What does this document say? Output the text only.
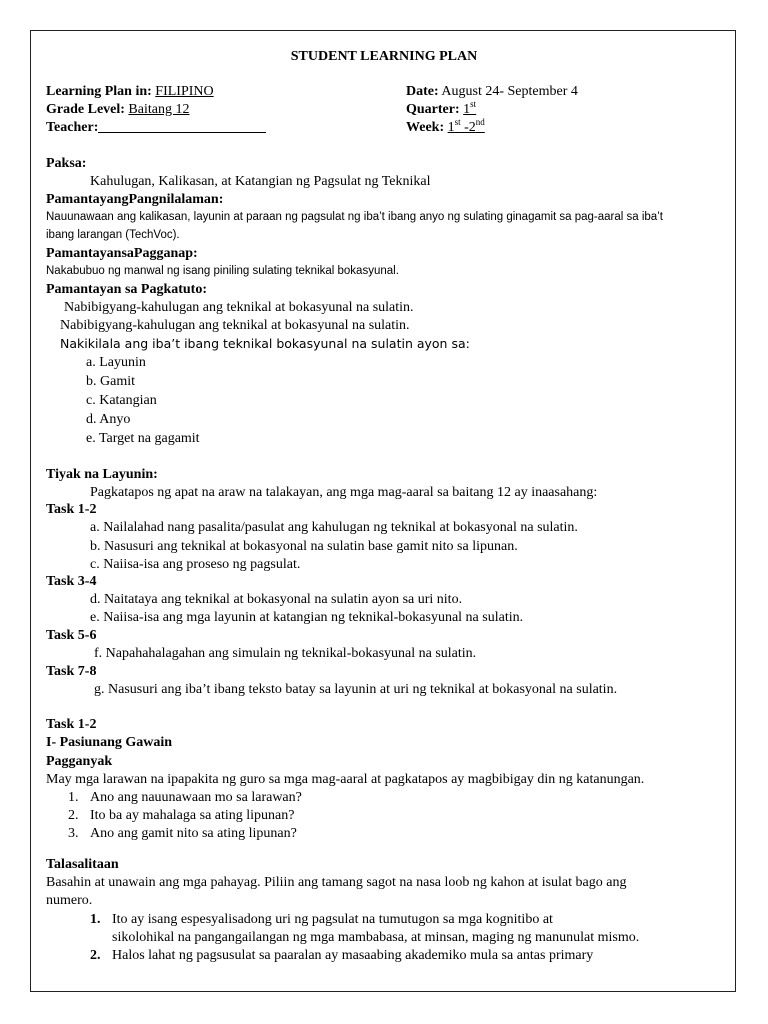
STUDENT LEARNING PLAN
Learning Plan in: FILIPINO
Grade Level: Baitang 12
Teacher:
Date: August 24- September 4
Quarter: 1st
Week: 1st -2nd
Paksa:
Kahulugan, Kalikasan, at Katangian ng Pagsulat ng Teknikal
PamantayangPangnilalaman:
Nauunawaan ang kalikasan, layunin at paraan ng pagsulat ng iba’t ibang anyo ng sulating ginagamit sa pag-aaral sa iba’t
ibang larangan (TechVoc).
PamantayansaPagganap:
Nakabubuo ng manwal ng isang piniling sulating teknikal bokasyunal.
Pamantayan sa Pagkatuto:
Nabibigyang-kahulugan ang teknikal at bokasyunal na sulatin.
Nabibigyang-kahulugan ang teknikal at bokasyunal na sulatin.
Nakikilala ang iba’t ibang teknikal bokasyunal na sulatin ayon sa:
a. Layunin
b. Gamit
c. Katangian
d. Anyo
e. Target na gagamit
Tiyak na Layunin:
Pagkatapos ng apat na araw na talakayan, ang mga mag-aaral sa baitang 12 ay inaasahang:
Task 1-2
a. Nailalahad nang pasalita/pasulat ang kahulugan ng teknikal at bokasyonal na sulatin.
b. Nasusuri ang teknikal at bokasyonal na sulatin base gamit nito sa lipunan.
c. Naiisa-isa ang proseso ng pagsulat.
Task 3-4
d. Naitataya ang teknikal at bokasyonal na sulatin ayon sa uri nito.
e. Naiisa-isa ang mga layunin at katangian ng teknikal-bokasyunal na sulatin.
Task 5-6
f. Napahahalagahan ang simulain ng teknikal-bokasyunal na sulatin.
Task 7-8
g. Nasusuri ang iba’t ibang teksto batay sa layunin at uri ng teknikal at bokasyonal na sulatin.
Task 1-2
I- Pasiunang Gawain
Pagganyak
May mga larawan na ipapakita ng guro sa mga mag-aaral at pagkatapos ay magbibigay din ng katanungan.
1. Ano ang nauunawaan mo sa larawan?
2. Ito ba ay mahalaga sa ating lipunan?
3. Ano ang gamit nito sa ating lipunan?
Talasalitaan
Basahin at unawain ang mga pahayag. Piliin ang tamang sagot na nasa loob ng kahon at isulat bago ang
numero.
1. Ito ay isang espesyalisadong uri ng pagsulat na tumutugon sa mga kognitibo at
sikolohikal na pangangailangan ng mga mambabasa, at minsan, maging ng manunulat mismo.
2. Halos lahat ng pagsusulat sa paaralan ay masaabing akademiko mula sa antas primary
